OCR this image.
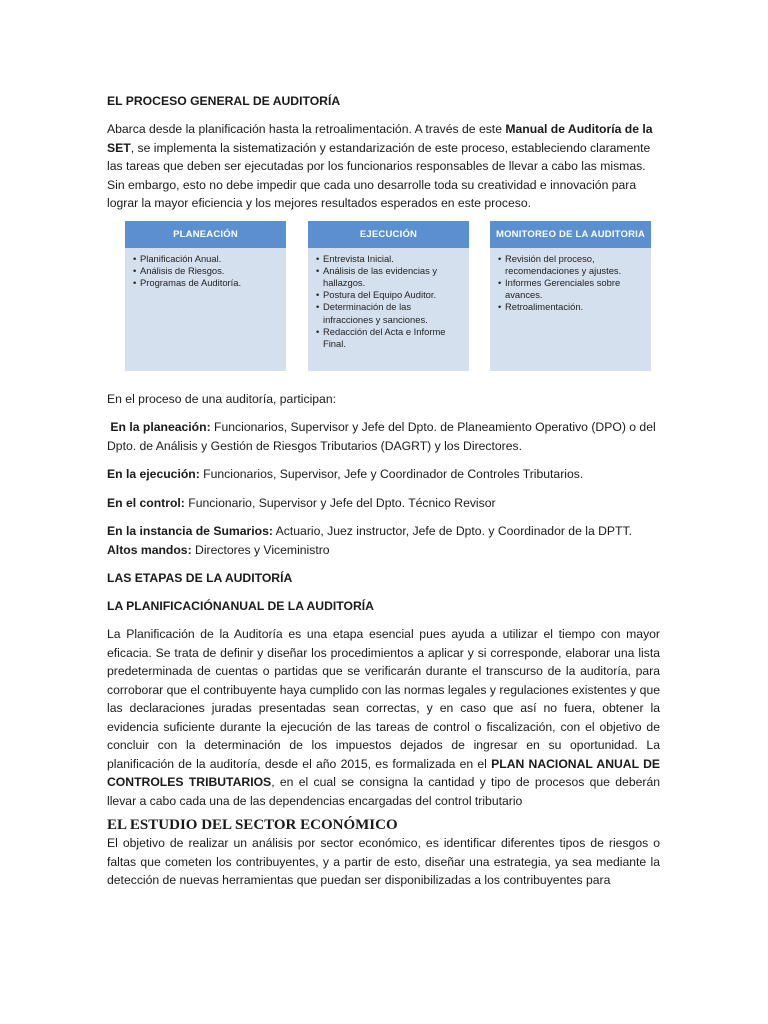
EL PROCESO GENERAL DE AUDITORÍA

Abarca desde la planificación hasta la retroalimentación. A través de este Manual de Auditoría de la SET, se implementa la sistematización y estandarización de este proceso, estableciendo claramente las tareas que deben ser ejecutadas por los funcionarios responsables de llevar a cabo las mismas. Sin embargo, esto no debe impedir que cada uno desarrolle toda su creatividad e innovación para lograr la mayor eficiencia y los mejores resultados esperados en este proceso.

PLANEACIÓN
• Planificación Anual.
• Análisis de Riesgos.
• Programas de Auditoría.
EJECUCIÓN
• Entrevista Inicial.
• Análisis de las evidencias y hallazgos.
• Postura del Equipo Auditor.
• Determinación de las infracciones y sanciones.
• Redacción del Acta e Informe Final.
MONITOREO DE LA AUDITORIA
• Revisión del proceso, recomendaciones y ajustes.
• Informes Gerenciales sobre avances.
• Retroalimentación.

En el proceso de una auditoría, participan:

En la planeación: Funcionarios, Supervisor y Jefe del Dpto. de Planeamiento Operativo (DPO) o del Dpto. de Análisis y Gestión de Riesgos Tributarios (DAGRT) y los Directores.

En la ejecución: Funcionarios, Supervisor, Jefe y Coordinador de Controles Tributarios.

En el control: Funcionario, Supervisor y Jefe del Dpto. Técnico Revisor

En la instancia de Sumarios: Actuario, Juez instructor, Jefe de Dpto. y Coordinador de la DPTT.

Altos mandos: Directores y Viceministro

LAS ETAPAS DE LA AUDITORÍA

LA PLANIFICACIÓNANUAL DE LA AUDITORÍA

La Planificación de la Auditoría es una etapa esencial pues ayuda a utilizar el tiempo con mayor eficacia. Se trata de definir y diseñar los procedimientos a aplicar y si corresponde, elaborar una lista predeterminada de cuentas o partidas que se verificarán durante el transcurso de la auditoría, para corroborar que el contribuyente haya cumplido con las normas legales y regulaciones existentes y que las declaraciones juradas presentadas sean correctas, y en caso que así no fuera, obtener la evidencia suficiente durante la ejecución de las tareas de control o fiscalización, con el objetivo de concluir con la determinación de los impuestos dejados de ingresar en su oportunidad. La planificación de la auditoría, desde el año 2015, es formalizada en el PLAN NACIONAL ANUAL DE CONTROLES TRIBUTARIOS, en el cual se consigna la cantidad y tipo de procesos que deberán llevar a cabo cada una de las dependencias encargadas del control tributario

EL ESTUDIO DEL SECTOR ECONÓMICO

El objetivo de realizar un análisis por sector económico, es identificar diferentes tipos de riesgos o faltas que cometen los contribuyentes, y a partir de esto, diseñar una estrategia, ya sea mediante la detección de nuevas herramientas que puedan ser disponibilizadas a los contribuyentes para
